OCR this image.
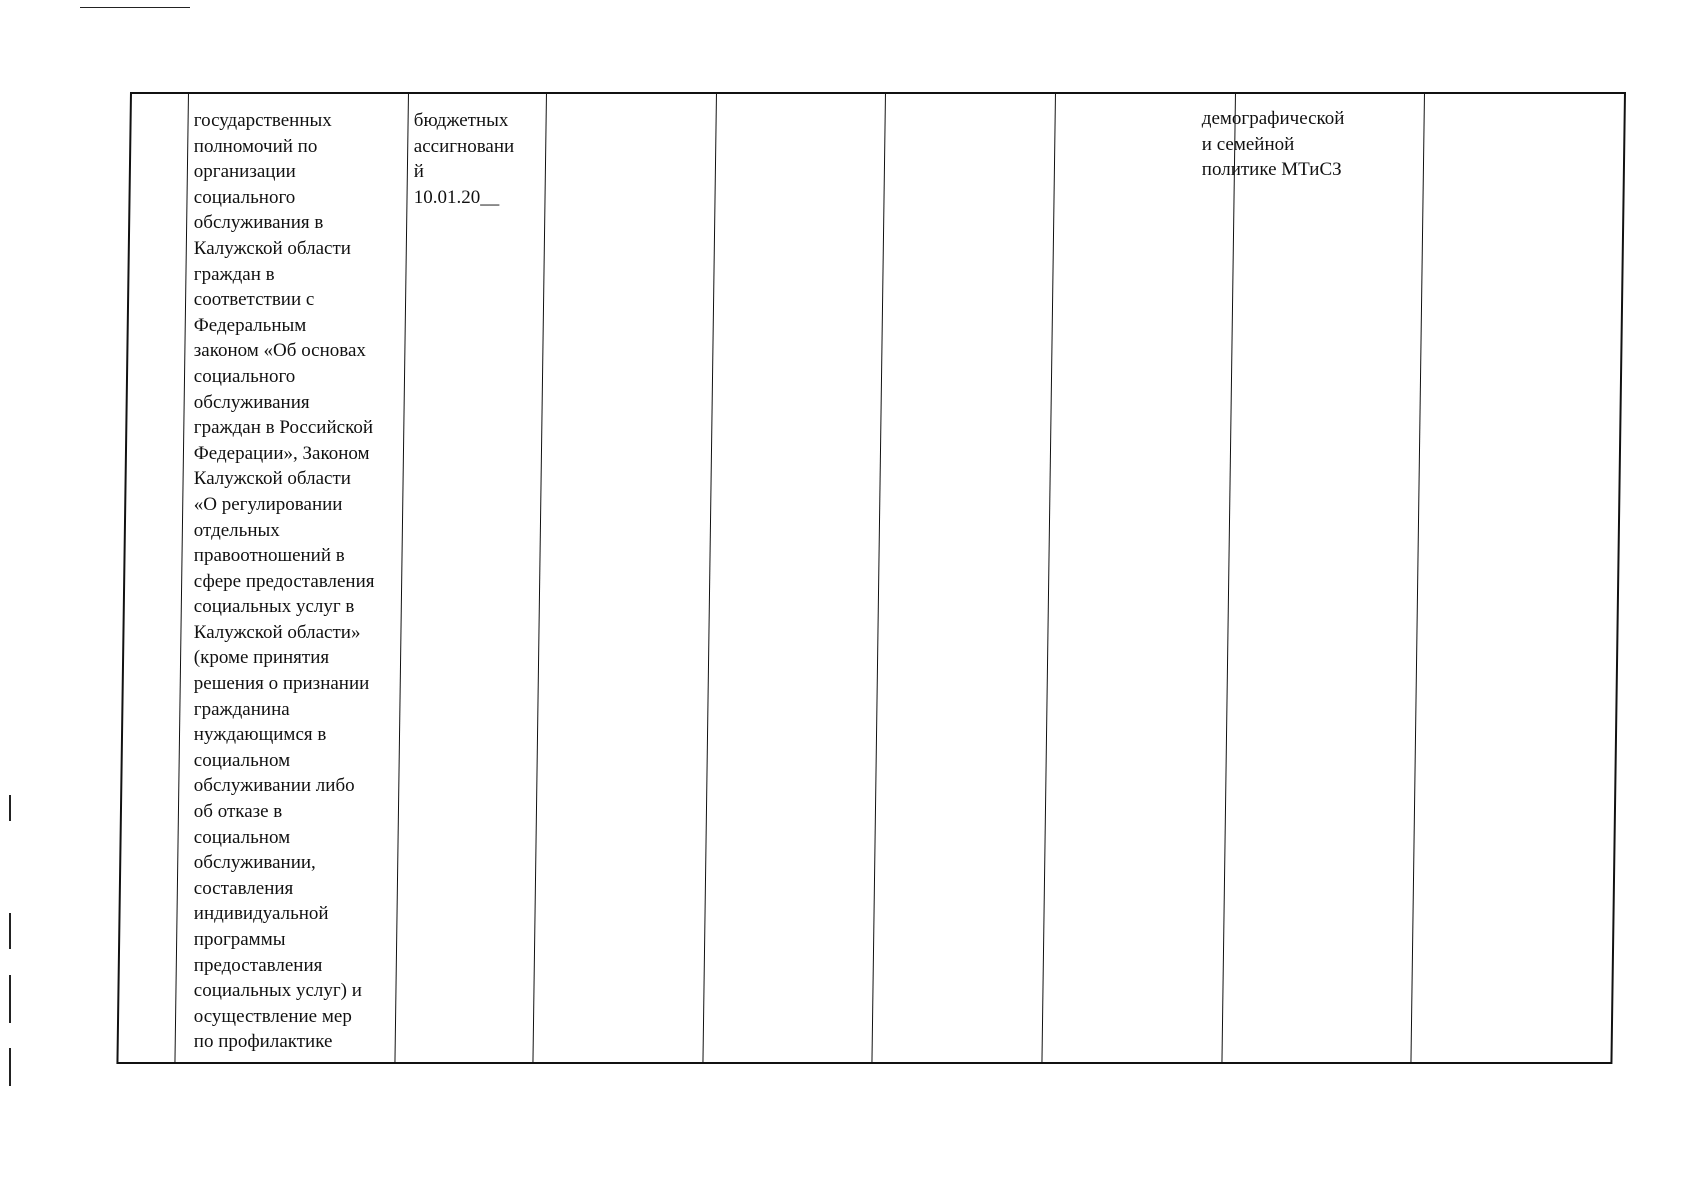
государственных
полномочий по
организации
социального
обслуживания в
Калужской области
граждан в
соответствии с
Федеральным
законом «Об основах
социального
обслуживания
граждан в Российской
Федерации», Законом
Калужской области
«О регулировании
отдельных
правоотношений в
сфере предоставления
социальных услуг в
Калужской области»
(кроме принятия
решения о признании
гражданина
нуждающимся в
социальном
обслуживании либо
об отказе в
социальном
обслуживании,
составления
индивидуальной
программы
предоставления
социальных услуг) и
осуществление мер
по профилактике
бюджетных
ассигновани
й
10.01.20__
демографической
и семейной
политике МТиСЗ
